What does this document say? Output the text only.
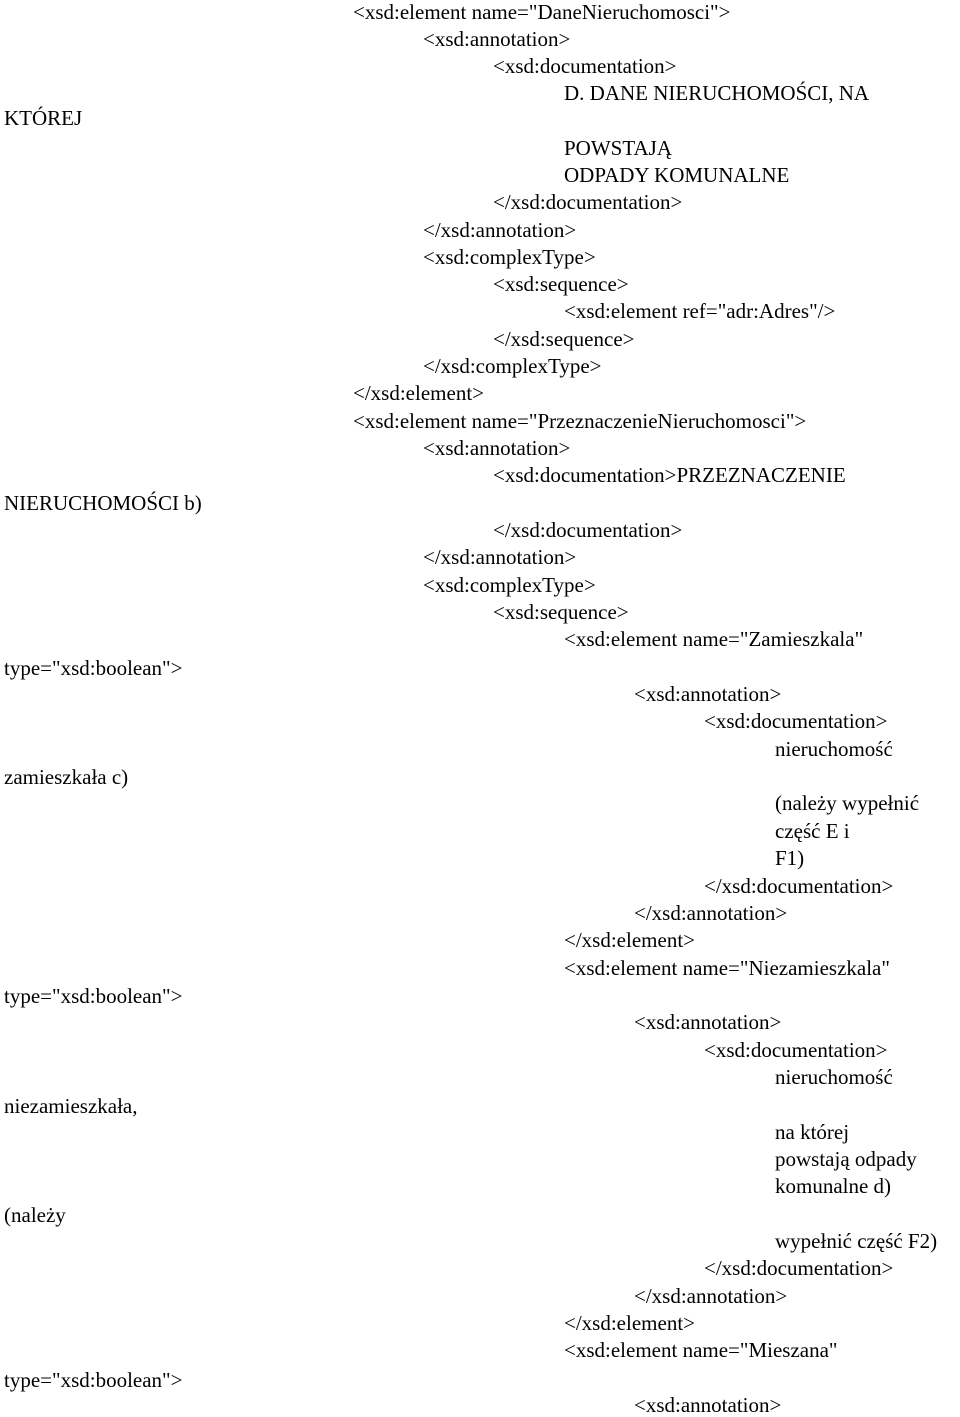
KTÓREJ
NIERUCHOMOŚCI b)
type="xsd:boolean">
zamieszkała c)
type="xsd:boolean">
niezamieszkała,
(należy
type="xsd:boolean">
<xsd:element name="DaneNieruchomosci">
<xsd:annotation>
<xsd:documentation>
D. DANE NIERUCHOMOŚCI, NA
POWSTAJĄ
ODPADY KOMUNALNE
</xsd:documentation>
</xsd:annotation>
<xsd:complexType>
<xsd:sequence>
<xsd:element ref="adr:Adres"/>
</xsd:sequence>
</xsd:complexType>
</xsd:element>
<xsd:element name="PrzeznaczenieNieruchomosci">
<xsd:annotation>
<xsd:documentation>PRZEZNACZENIE
</xsd:documentation>
</xsd:annotation>
<xsd:complexType>
<xsd:sequence>
<xsd:element name="Zamieszkala"
<xsd:annotation>
<xsd:documentation>
nieruchomość
(należy wypełnić
część E i
F1)
</xsd:documentation>
</xsd:annotation>
</xsd:element>
<xsd:element name="Niezamieszkala"
<xsd:annotation>
<xsd:documentation>
nieruchomość
na której
powstają odpady
komunalne d)
wypełnić część F2)
</xsd:documentation>
</xsd:annotation>
</xsd:element>
<xsd:element name="Mieszana"
<xsd:annotation>
